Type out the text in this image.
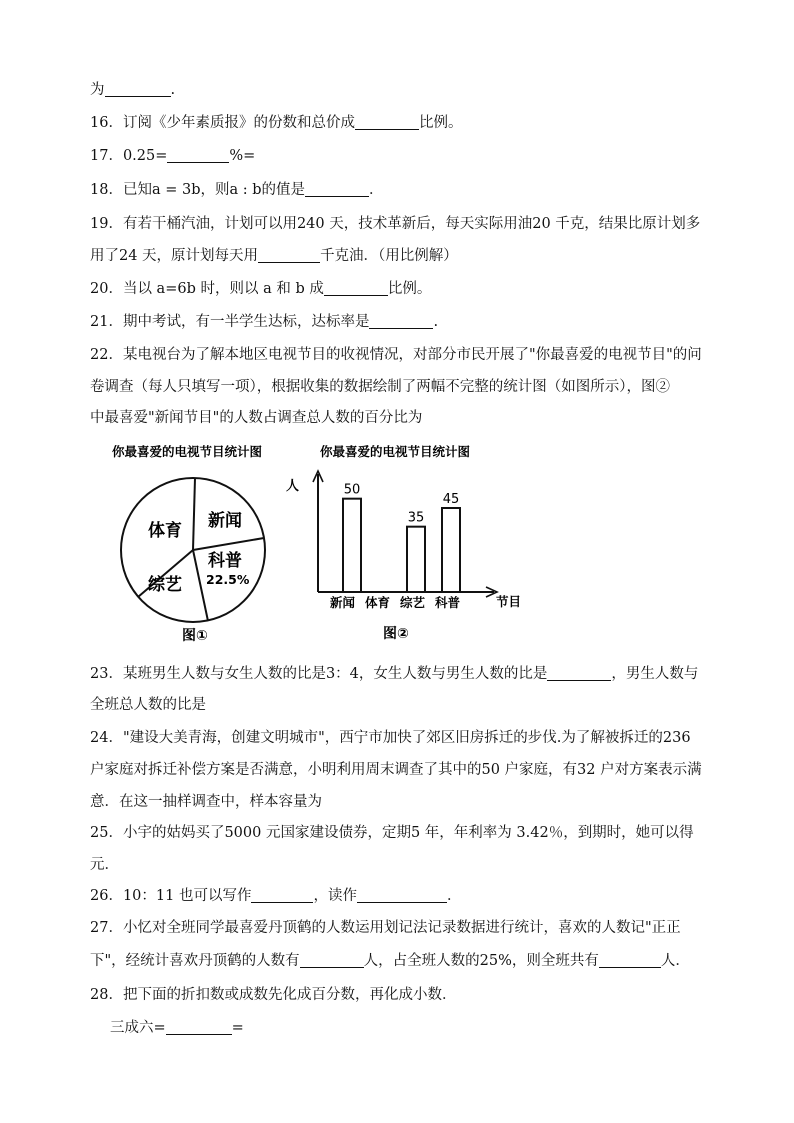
为	.
16．订阅《少年素质报》的份数和总价成	比例。
17．0.25=	%=
18．已知a = 3b，则a : b的值是	．
19．有若干桶汽油，计划可以用240 天，技术革新后，每天实际用油20 千克，结果比原计划多
用了24 天，原计划每天用	千克油．（用比例解）
20．当以 a=6b 时，则以 a 和 b 成	比例。
21．期中考试，有一半学生达标，达标率是	.
22．某电视台为了解本地区电视节目的收视情况，对部分市民开展了"你最喜爱的电视节目"的问
卷调查（每人只填写一项），根据收集的数据绘制了两幅不完整的统计图（如图所示），图②
中最喜爱"新闻节目"的人数占调查总人数的百分比为
你最喜爱的电视节目统计图
体育 新闻
科普
22.5%
综艺
图①
你最喜爱的电视节目统计图
人
节目
50
35
45
新闻 体育 综艺 科普
图②
23．某班男生人数与女生人数的比是3：4，女生人数与男生人数的比是	，男生人数与
全班总人数的比是
24．"建设大美青海，创建文明城市"，西宁市加快了郊区旧房拆迁的步伐.为了解被拆迁的236
户家庭对拆迁补偿方案是否满意，小明利用周末调查了其中的50 户家庭，有32 户对方案表示满
意．在这一抽样调查中，样本容量为
25．小宇的姑妈买了5000 元国家建设债券，定期5 年，年利率为 3.42％，到期时，她可以得
元．
26．10：11 也可以写作	，读作	．
27．小忆对全班同学最喜爱丹顶鹤的人数运用划记法记录数据进行统计，喜欢的人数记"正正
下"，经统计喜欢丹顶鹤的人数有	人，占全班人数的25%，则全班共有	人．
28．把下面的折扣数或成数先化成百分数，再化成小数．
三成六=	=
